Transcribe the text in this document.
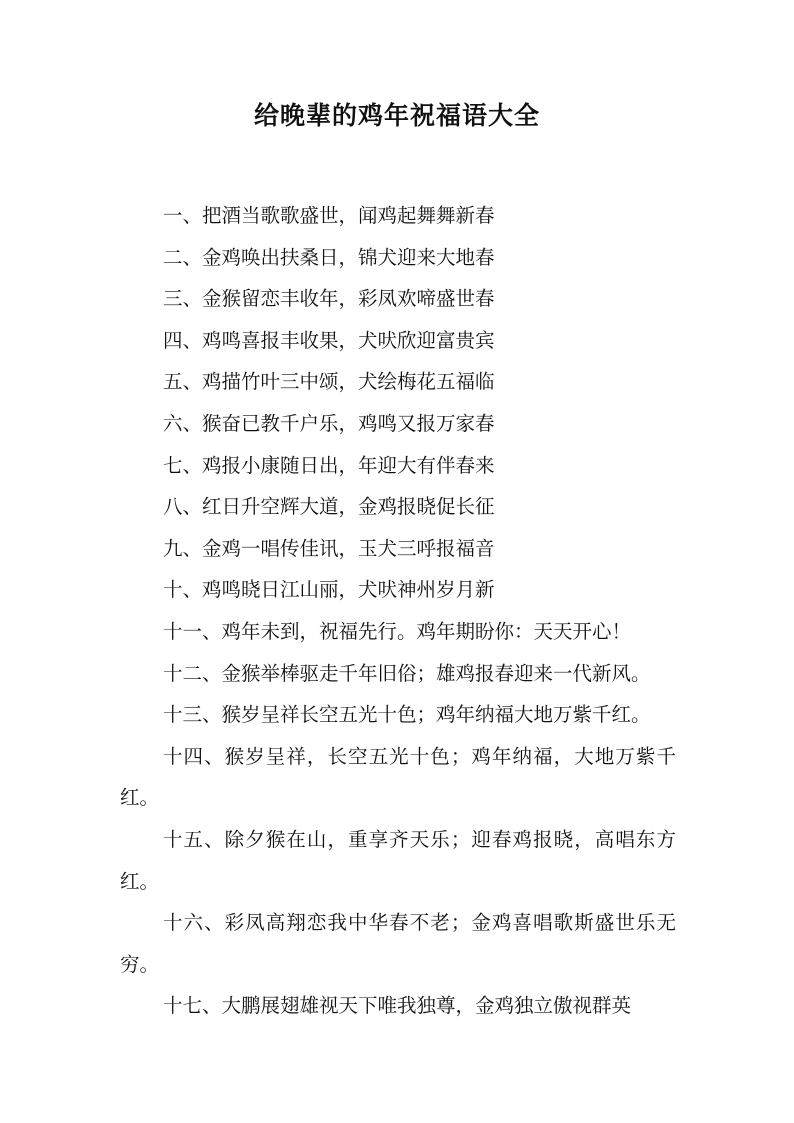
给晚辈的鸡年祝福语大全

一、把酒当歌歌盛世，闻鸡起舞舞新春

二、金鸡唤出扶桑日，锦犬迎来大地春

三、金猴留恋丰收年，彩凤欢啼盛世春

四、鸡鸣喜报丰收果，犬吠欣迎富贵宾

五、鸡描竹叶三中颂，犬绘梅花五福临

六、猴奋已教千户乐，鸡鸣又报万家春

七、鸡报小康随日出，年迎大有伴春来

八、红日升空辉大道，金鸡报晓促长征

九、金鸡一唱传佳讯，玉犬三呼报福音

十、鸡鸣晓日江山丽，犬吠神州岁月新

十一、鸡年未到，祝福先行。鸡年期盼你：天天开心！

十二、金猴举棒驱走千年旧俗；雄鸡报春迎来一代新风。

十三、猴岁呈祥长空五光十色；鸡年纳福大地万紫千红。

十四、猴岁呈祥，长空五光十色；鸡年纳福，大地万紫千红。

十五、除夕猴在山，重享齐天乐；迎春鸡报晓，高唱东方红。

十六、彩凤高翔恋我中华春不老；金鸡喜唱歌斯盛世乐无穷。

十七、大鹏展翅雄视天下唯我独尊，金鸡独立傲视群英
